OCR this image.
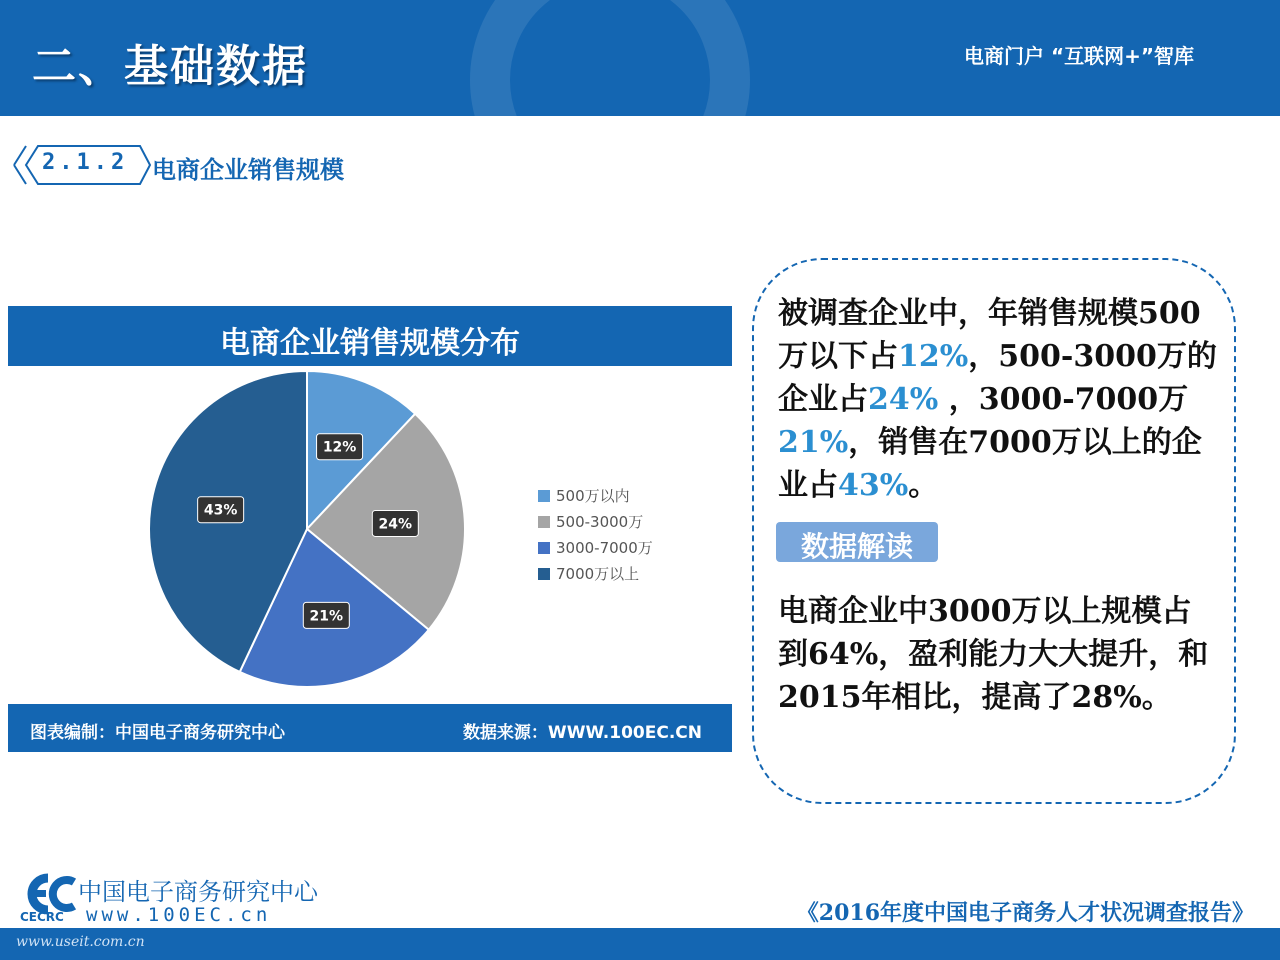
二、基础数据	电商门户 “互联网+”智库
2.1.2 电商企业销售规模
电商企业销售规模分布
12%
24%
21%
43%
500万以内
500-3000万
3000-7000万
7000万以上
图表编制：中国电子商务研究中心	数据来源：WWW.100EC.CN
被调查企业中，年销售规模500万以下占12%，500-3000万的企业占24% ，3000-7000万21%，销售在7000万以上的企业占43%。
数据解读
电商企业中3000万以上规模占到64%，盈利能力大大提升，和2015年相比，提高了28%。
CECRC
中国电子商务研究中心
www.100EC.cn	《2016年度中国电子商务人才状况调查报告》
www.useit.com.cn
